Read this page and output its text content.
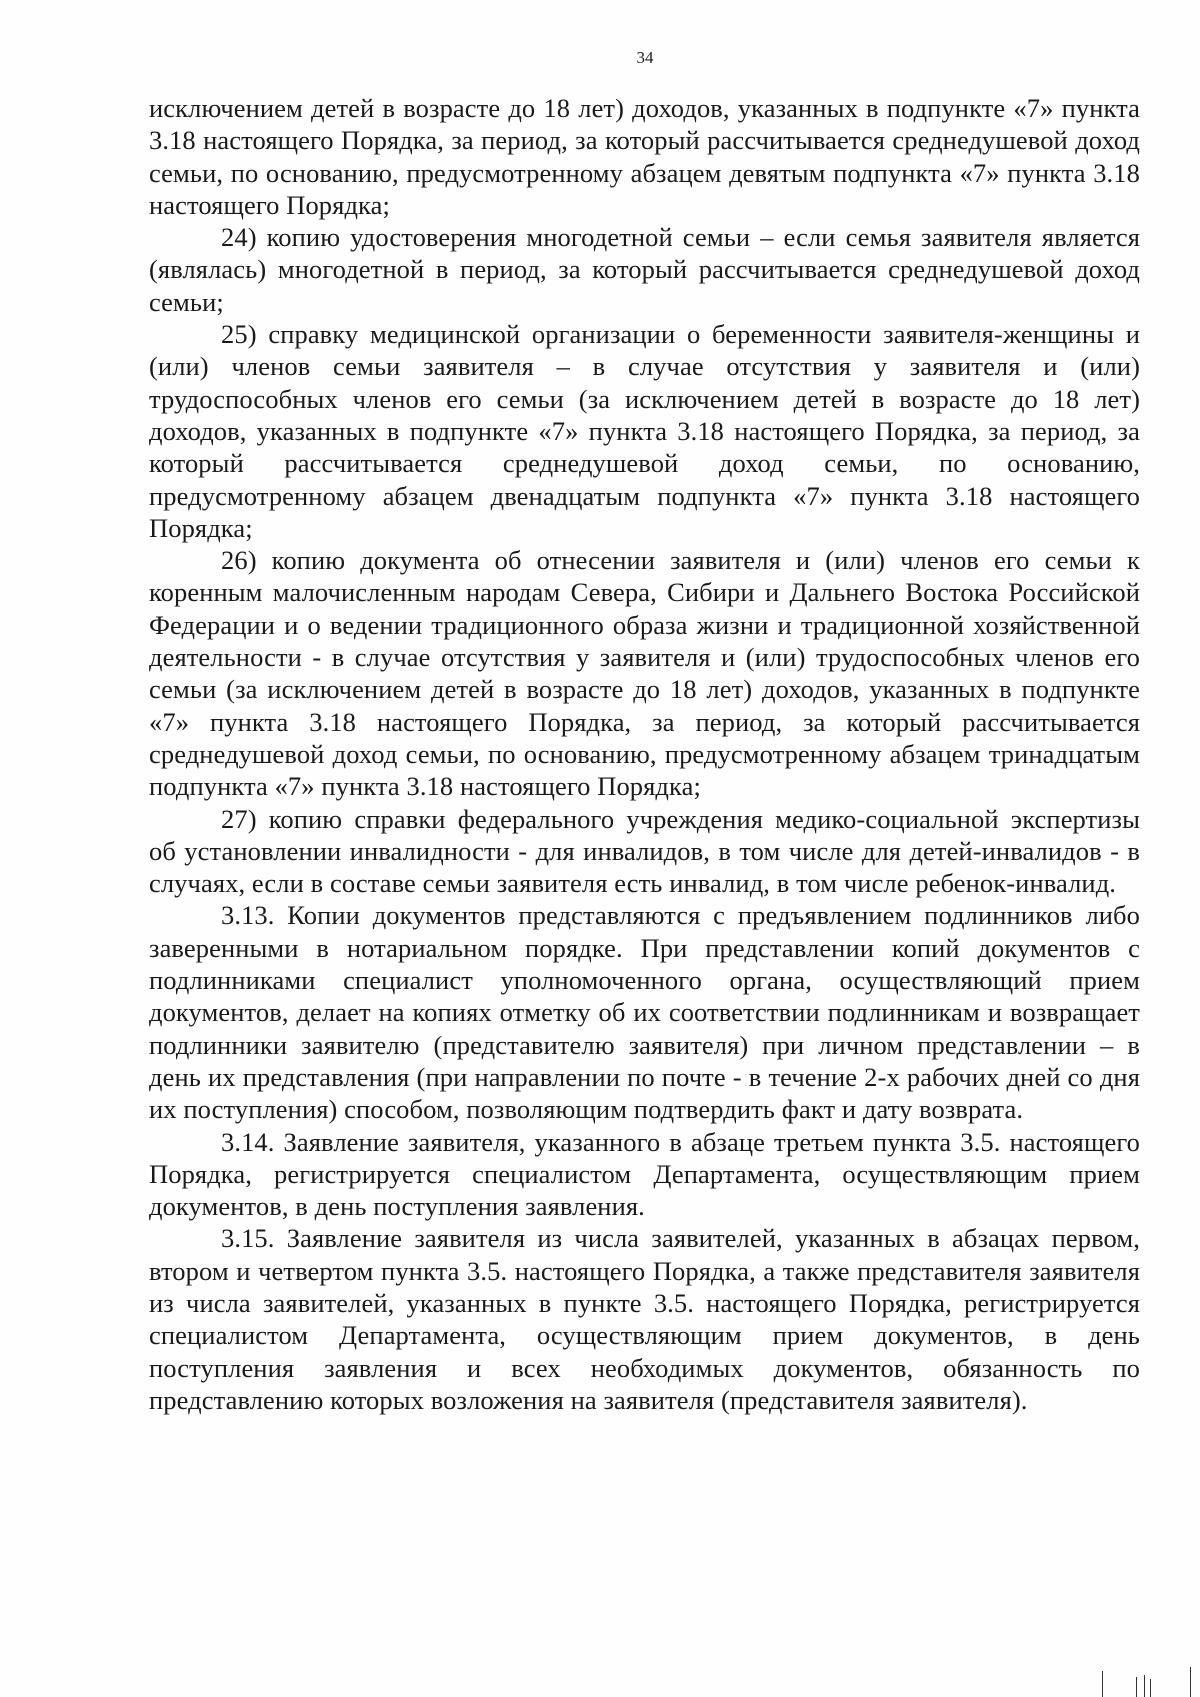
34

исключением детей в возрасте до 18 лет) доходов, указанных в подпункте «7» пункта 3.18 настоящего Порядка, за период, за который рассчитывается среднедушевой доход семьи, по основанию, предусмотренному абзацем девятым подпункта «7» пункта 3.18 настоящего Порядка;

24) копию удостоверения многодетной семьи – если семья заявителя является (являлась) многодетной в период, за который рассчитывается среднедушевой доход семьи;

25) справку медицинской организации о беременности заявителя-женщины и (или) членов семьи заявителя – в случае отсутствия у заявителя и (или) трудоспособных членов его семьи (за исключением детей в возрасте до 18 лет) доходов, указанных в подпункте «7» пункта 3.18 настоящего Порядка, за период, за который рассчитывается среднедушевой доход семьи, по основанию, предусмотренному абзацем двенадцатым подпункта «7» пункта 3.18 настоящего Порядка;

26) копию документа об отнесении заявителя и (или) членов его семьи к коренным малочисленным народам Севера, Сибири и Дальнего Востока Российской Федерации и о ведении традиционного образа жизни и традиционной хозяйственной деятельности - в случае отсутствия у заявителя и (или) трудоспособных членов его семьи (за исключением детей в возрасте до 18 лет) доходов, указанных в подпункте «7» пункта 3.18 настоящего Порядка, за период, за который рассчитывается среднедушевой доход семьи, по основанию, предусмотренному абзацем тринадцатым подпункта «7» пункта 3.18 настоящего Порядка;

27) копию справки федерального учреждения медико-социальной экспертизы об установлении инвалидности - для инвалидов, в том числе для детей-инвалидов - в случаях, если в составе семьи заявителя есть инвалид, в том числе ребенок-инвалид.

3.13. Копии документов представляются с предъявлением подлинников либо заверенными в нотариальном порядке. При представлении копий документов с подлинниками специалист уполномоченного органа, осуществляющий прием документов, делает на копиях отметку об их соответствии подлинникам и возвращает подлинники заявителю (представителю заявителя) при личном представлении – в день их представления (при направлении по почте - в течение 2-х рабочих дней со дня их поступления) способом, позволяющим подтвердить факт и дату возврата.

3.14. Заявление заявителя, указанного в абзаце третьем пункта 3.5. настоящего Порядка, регистрируется специалистом Департамента, осуществляющим прием документов, в день поступления заявления.

3.15. Заявление заявителя из числа заявителей, указанных в абзацах первом, втором и четвертом пункта 3.5. настоящего Порядка, а также представителя заявителя из числа заявителей, указанных в пункте 3.5. настоящего Порядка, регистрируется специалистом Департамента, осуществляющим прием документов, в день поступления заявления и всех необходимых документов, обязанность по представлению которых возложения на заявителя (представителя заявителя).
